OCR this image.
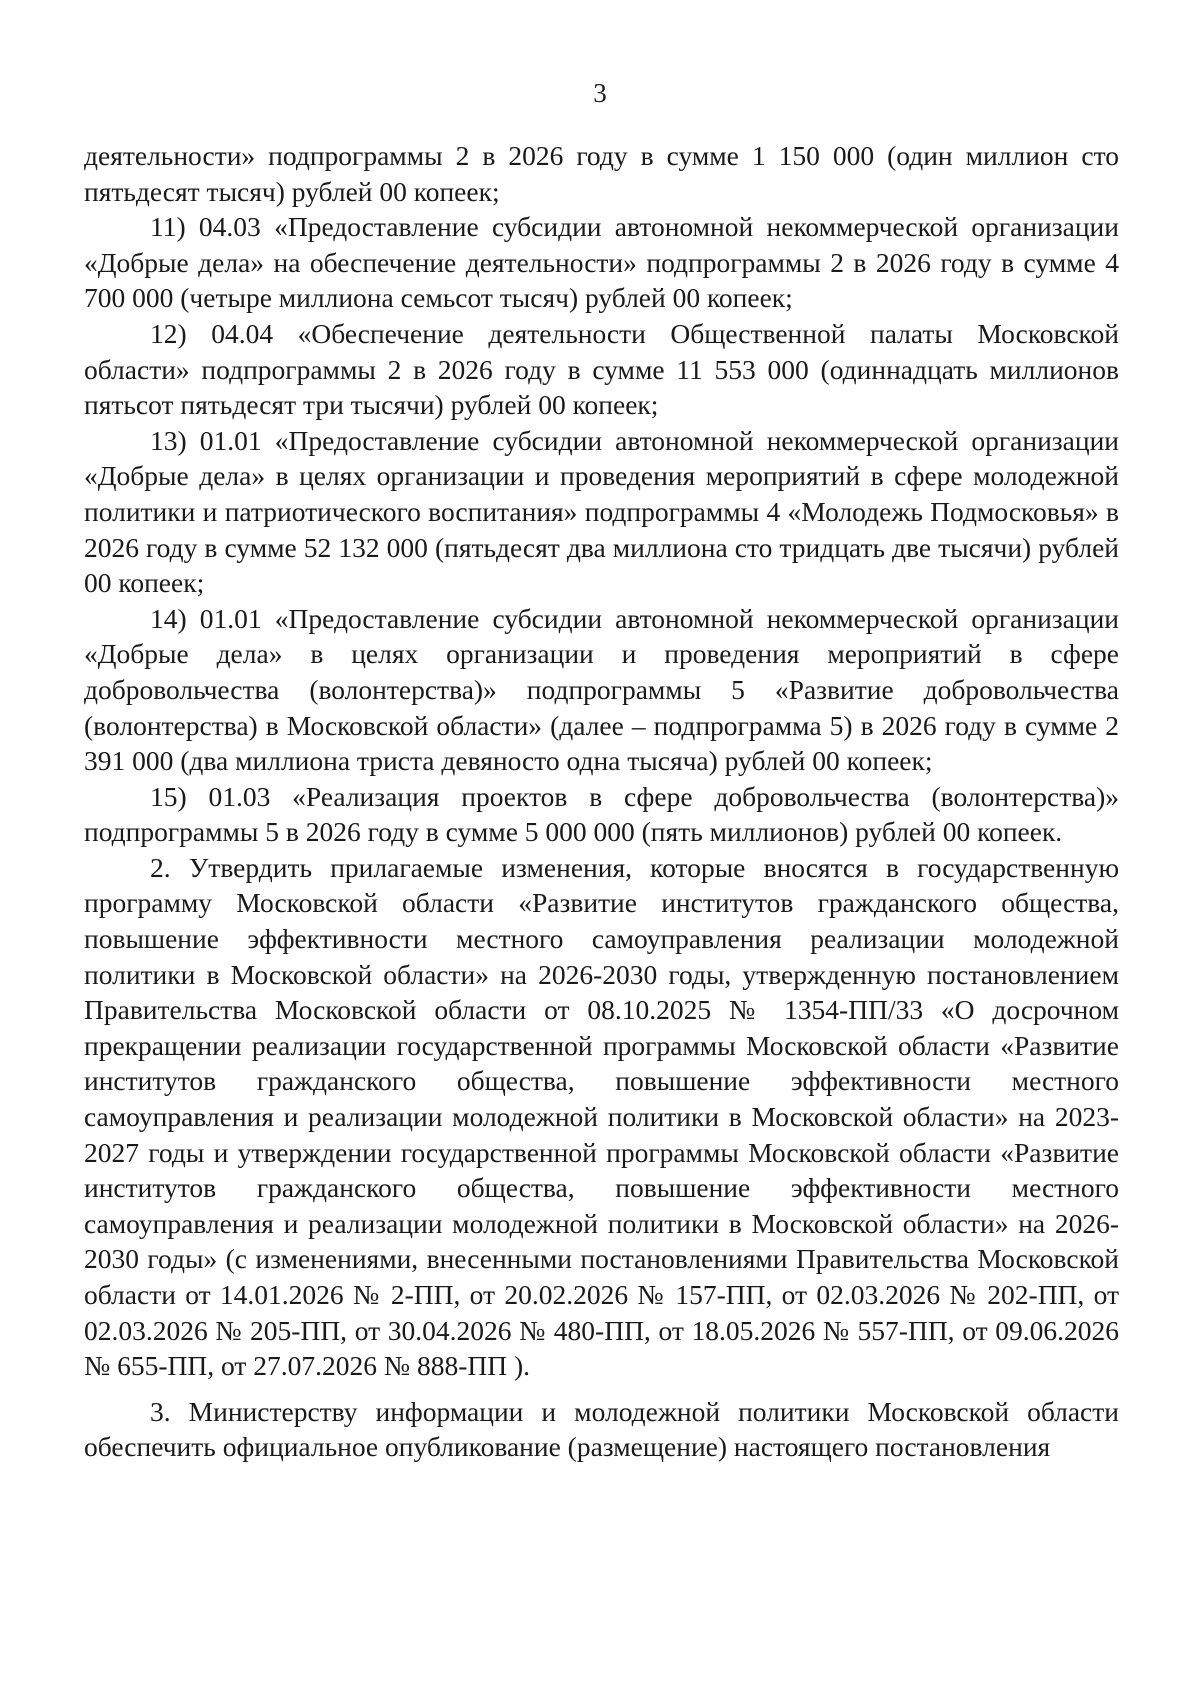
3

деятельности» подпрограммы 2 в 2026 году в сумме 1 150 000 (один миллион сто пятьдесят тысяч) рублей 00 копеек;

11) 04.03 «Предоставление субсидии автономной некоммерческой организации «Добрые дела» на обеспечение деятельности» подпрограммы 2 в 2026 году в сумме 4 700 000 (четыре миллиона семьсот тысяч) рублей 00 копеек;

12) 04.04 «Обеспечение деятельности Общественной палаты Московской области» подпрограммы 2 в 2026 году в сумме 11 553 000 (одиннадцать миллионов пятьсот пятьдесят три тысячи) рублей 00 копеек;

13) 01.01 «Предоставление субсидии автономной некоммерческой организации «Добрые дела» в целях организации и проведения мероприятий в сфере молодежной политики и патриотического воспитания» подпрограммы 4 «Молодежь Подмосковья» в 2026 году в сумме 52 132 000 (пятьдесят два миллиона сто тридцать две тысячи) рублей 00 копеек;

14) 01.01 «Предоставление субсидии автономной некоммерческой организации «Добрые дела» в целях организации и проведения мероприятий в сфере добровольчества (волонтерства)» подпрограммы 5 «Развитие добровольчества (волонтерства) в Московской области» (далее – подпрограмма 5) в 2026 году в сумме 2 391 000 (два миллиона триста девяносто одна тысяча) рублей 00 копеек;

15) 01.03 «Реализация проектов в сфере добровольчества (волонтерства)» подпрограммы 5 в 2026 году в сумме 5 000 000 (пять миллионов) рублей 00 копеек.

2. Утвердить прилагаемые изменения, которые вносятся в государственную программу Московской области «Развитие институтов гражданского общества, повышение эффективности местного самоуправления реализации молодежной политики в Московской области» на 2026-2030 годы, утвержденную постановлением Правительства Московской области от 08.10.2025 № 1354-ПП/33 «О досрочном прекращении реализации государственной программы Московской области «Развитие институтов гражданского общества, повышение эффективности местного самоуправления и реализации молодежной политики в Московской области» на 2023-2027 годы и утверждении государственной программы Московской области «Развитие институтов гражданского общества, повышение эффективности местного самоуправления и реализации молодежной политики в Московской области» на 2026-2030 годы» (с изменениями, внесенными постановлениями Правительства Московской области от 14.01.2026 № 2-ПП, от 20.02.2026 № 157-ПП, от 02.03.2026 № 202-ПП, от 02.03.2026 № 205-ПП, от 30.04.2026 № 480-ПП, от 18.05.2026 № 557-ПП, от 09.06.2026 № 655-ПП, от 27.07.2026 № 888-ПП ).

3. Министерству информации и молодежной политики Московской области обеспечить официальное опубликование (размещение) настоящего постановления
